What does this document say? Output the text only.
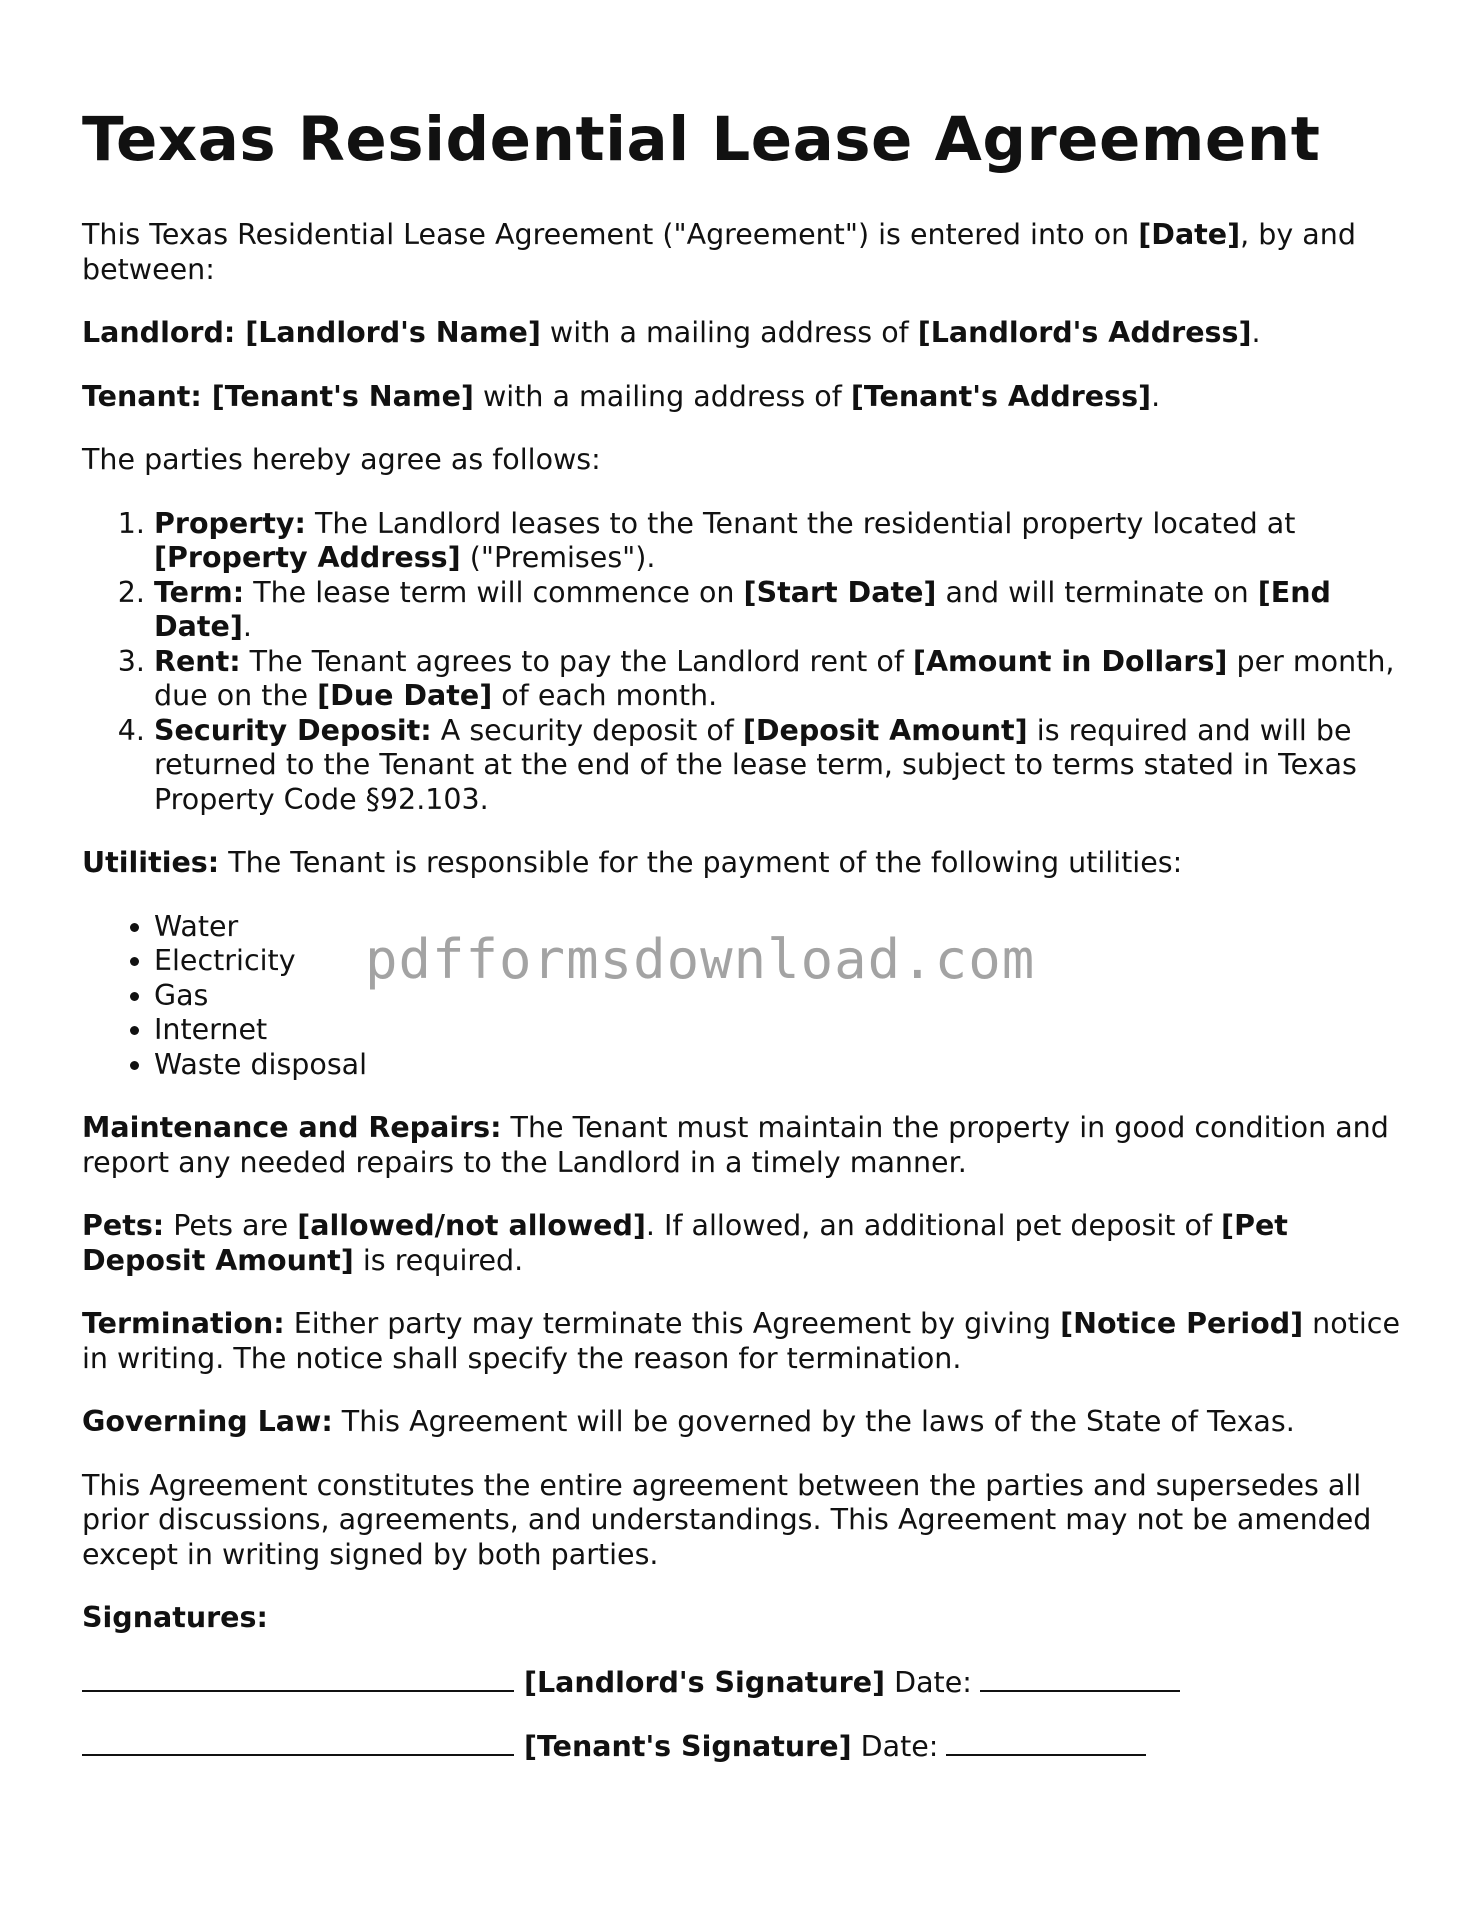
Texas Residential Lease Agreement

This Texas Residential Lease Agreement ("Agreement") is entered into on [Date], by and between:

Landlord: [Landlord's Name] with a mailing address of [Landlord's Address].

Tenant: [Tenant's Name] with a mailing address of [Tenant's Address].

The parties hereby agree as follows:

1. Property: The Landlord leases to the Tenant the residential property located at [Property Address] ("Premises").
2. Term: The lease term will commence on [Start Date] and will terminate on [End Date].
3. Rent: The Tenant agrees to pay the Landlord rent of [Amount in Dollars] per month, due on the [Due Date] of each month.
4. Security Deposit: A security deposit of [Deposit Amount] is required and will be returned to the Tenant at the end of the lease term, subject to terms stated in Texas Property Code §92.103.

Utilities: The Tenant is responsible for the payment of the following utilities:

• Water
• Electricity
• Gas
• Internet
• Waste disposal

Maintenance and Repairs: The Tenant must maintain the property in good condition and report any needed repairs to the Landlord in a timely manner.

Pets: Pets are [allowed/not allowed]. If allowed, an additional pet deposit of [Pet Deposit Amount] is required.

Termination: Either party may terminate this Agreement by giving [Notice Period] notice in writing. The notice shall specify the reason for termination.

Governing Law: This Agreement will be governed by the laws of the State of Texas.

This Agreement constitutes the entire agreement between the parties and supersedes all prior discussions, agreements, and understandings. This Agreement may not be amended except in writing signed by both parties.

Signatures:

[Landlord's Signature] Date:
[Tenant's Signature] Date:
pdfformsdownload.com
